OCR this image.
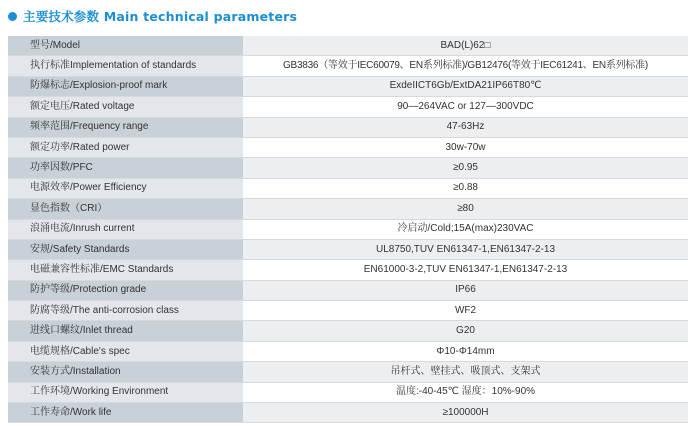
主要技术参数 Main technical parameters
型号/Model	BAD(L)62□
执行标准Implementation of standards	GB3836（等效于IEC60079、EN系列标准)/GB12476(等效于IEC61241、EN系列标准)
防爆标志/Explosion-proof mark	ExdeIICT6Gb/ExtDA21IP66T80℃
额定电压/Rated voltage	90—264VAC or 127—300VDC
频率范围/Frequency range	47-63Hz
额定功率/Rated power	30w-70w
功率因数/PFC	≥0.95
电源效率/Power Efficiency	≥0.88
显色指数（CRI）	≥80
浪涌电流/Inrush current	冷启动/Cold;15A(max)230VAC
安规/Safety Standards	UL8750,TUV EN61347-1,EN61347-2-13
电磁兼容性标准/EMC Standards	EN61000-3-2,TUV EN61347-1,EN61347-2-13
防护等级/Protection grade	IP66
防腐等级/The anti-corrosion class	WF2
进线口螺纹/Inlet thread	G20
电缆规格/Cable's spec	Φ10-Φ14mm
安装方式/Installation	吊杆式、壁挂式、吸顶式、支架式
工作环境/Working Environment	温度:-40-45℃ 湿度：10%-90%
工作寿命/Work life	≥100000H
